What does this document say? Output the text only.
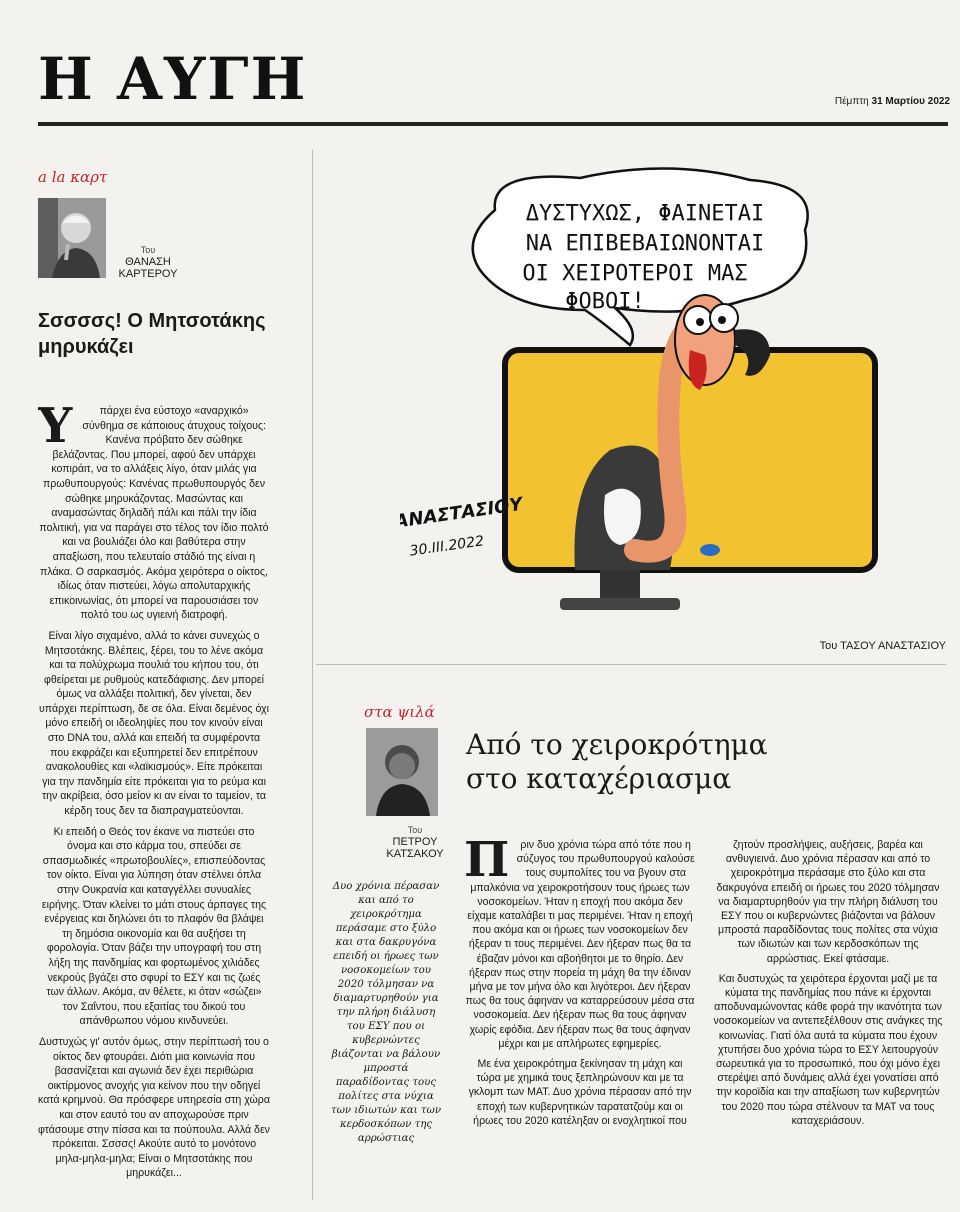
Η ΑΥΓΗ	Πέμπτη 31 Μαρτίου 2022
a la καρτ
Του
ΘΑΝΑΣΗ
ΚΑΡΤΕΡΟΥ
Σσσσσς! Ο Μητσοτάκης μηρυκάζει

Υ	πάρχει ένα εύστοχο «αναρχικό» σύνθημα σε κάποιους άτυχους τοίχους: Κανένα πρόβατο δεν σώθηκε βελάζοντας. Που μπορεί, αφού δεν υπάρχει κοπιράιτ, να το αλλάξεις λίγο, όταν μιλάς για πρωθυπουργούς: Κανένας πρωθυπουργός δεν σώθηκε μηρυκάζοντας. Μασώντας και αναμασώντας δηλαδή πάλι και πάλι την ίδια πολιτική, για να παράγει στο τέλος τον ίδιο πολτό και να βουλιάζει όλο και βαθύτερα στην απαξίωση, που τελευταίο στάδιό της είναι η πλάκα. Ο σαρκασμός. Ακόμα χειρότερα ο οίκτος, ιδίως όταν πιστεύει, λόγω απολυταρχικής επικοινωνίας, ότι μπορεί να παρουσιάσει τον πολτό του ως υγιεινή διατροφή.

Είναι λίγο σιχαμένο, αλλά το κάνει συνεχώς ο Μητσοτάκης. Βλέπεις, ξέρει, του το λένε ακόμα και τα πολύχρωμα πουλιά του κήπου του, ότι φθείρεται με ρυθμούς κατεδάφισης. Δεν μπορεί όμως να αλλάξει πολιτική, δεν γίνεται, δεν υπάρχει περίπτωση, δε σε όλα. Είναι δεμένος όχι μόνο επειδή οι ιδεοληψίες που τον κινούν είναι στο DNA του, αλλά και επειδή τα συμφέροντα που εκφράζει και εξυπηρετεί δεν επιτρέπουν ανακολουθίες και «λαϊκισμούς». Είτε πρόκειται για την πανδημία είτε πρόκειται για το ρεύμα και την ακρίβεια, όσο μείον κι αν είναι το ταμείον, τα κέρδη τους δεν τα διαπραγματεύονται.

Κι επειδή ο Θεός τον έκανε να πιστεύει στο όνομα και στο κάρμα του, σπεύδει σε σπασμωδικές «πρωτοβουλίες», επισπεύδοντας τον οίκτο. Είναι για λύπηση όταν στέλνει όπλα στην Ουκρανία και καταγγέλλει συνυαλίες ειρήνης. Όταν κλείνει το μάτι στους άρπαγες της ενέργειας και δηλώνει ότι το πλαφόν θα βλάψει τη δημόσια οικονομία και θα αυξήσει τη φορολογία. Όταν βάζει την υπογραφή του στη λήξη της πανδημίας και φορτωμένος χιλιάδες νεκρούς βγάζει στο σφυρί το ΕΣΥ και τις ζωές των άλλων. Ακόμα, αν θέλετε, κι όταν «σώζει» τον Σαΐντου, που εξαιτίας του δικού του απάνθρωπου νόμου κινδυνεύει.

Δυστυχώς γι' αυτόν όμως, στην περίπτωσή του ο οίκτος δεν φτουράει. Διότι μια κοινωνία που βασανίζεται και αγωνιά δεν έχει περιθώρια οικτίρμονος ανοχής για κείνον που την οδηγεί κατά κρημνού. Θα πρόσφερε υπηρεσία στη χώρα και στον εαυτό του αν αποχωρούσε πριν φτάσουμε στην πίσσα και τα πούπουλα. Αλλά δεν πρόκειται. Σσσσς! Ακούτε αυτό το μονότονο μηλα-μηλα-μηλα; Είναι ο Μητσοτάκης που μηρυκάζει...

ΔΥΣΤΥΧΩΣ, ΦΑΙΝΕΤΑΙ
ΝΑ ΕΠΙΒΕΒΑΙΩΝΟΝΤΑΙ
ΟΙ ΧΕΙΡΟΤΕΡΟΙ ΜΑΣ
ΦΟΒΟΙ!
ΑΝΑΣΤΑΣΙΟΥ
30.III.2022
Του ΤΑΣΟΥ ΑΝΑΣΤΑΣΙΟΥ
στα ψιλά
Του
ΠΕΤΡΟΥ
ΚΑΤΣΑΚΟΥ
Από το χειροκρότημα
στο καταχέριασμα
Δυο χρόνια πέρασαν και από το χειροκρότημα περάσαμε στο ξύλο και στα δακρυγόνα επειδή οι ήρωες των νοσοκομείων του 2020 τόλμησαν να διαμαρτυρηθούν για την πλήρη διάλυση του ΕΣΥ που οι κυβερνώντες βιάζονται να βάλουν μπροστά παραδίδοντας τους πολίτες στα νύχια των ιδιωτών και των κερδοσκόπων της αρρώστιας

Π ριν δυο χρόνια τώρα από τότε που η σύζυγος του πρωθυπουργού καλούσε τους συμπολίτες του να βγουν στα μπαλκόνια να χειροκροτήσουν τους ήρωες των νοσοκομείων. Ήταν η εποχή που ακόμα δεν είχαμε καταλάβει τι μας περιμένει. Ήταν η εποχή που ακόμα και οι ήρωες των νοσοκομείων δεν ήξεραν τι τους περιμένει. Δεν ήξεραν πως θα τα έβαζαν μόνοι και αβοήθητοι με το θηρίο. Δεν ήξεραν πως στην πορεία τη μάχη θα την έδιναν μήνα με τον μήνα όλο και λιγότεροι. Δεν ήξεραν πως θα τους άφηναν να καταρρεύσουν μέσα στα νοσοκομεία. Δεν ήξεραν πως θα τους άφηναν χωρίς εφόδια. Δεν ήξεραν πως θα τους άφηναν μέχρι και με απλήρωτες εφημερίες.

Με ένα χειροκρότημα ξεκίνησαν τη μάχη και τώρα με χημικά τους ξεπληρώνουν και με τα γκλομπ των ΜΑΤ. Δυο χρόνια πέρασαν από την εποχή των κυβερνητικών ταρατατζούμ και οι ήρωες του 2020 κατέληξαν οι ενοχλητικοί που

ζητούν προσλήψεις, αυξήσεις, βαρέα και ανθυγιεινά. Δυο χρόνια πέρασαν και από το χειροκρότημα περάσαμε στο ξύλο και στα δακρυγόνα επειδή οι ήρωες του 2020 τόλμησαν να διαμαρτυρηθούν για την πλήρη διάλυση του ΕΣΥ που οι κυβερνώντες βιάζονται να βάλουν μπροστά παραδίδοντας τους πολίτες στα νύχια των ιδιωτών και των κερδοσκόπων της αρρώστιας. Εκεί φτάσαμε.

Και δυστυχώς τα χειρότερα έρχονται μαζί με τα κύματα της πανδημίας που πάνε κι έρχονται αποδυναμώνοντας κάθε φορά την ικανότητα των νοσοκομείων να αντεπεξέλθουν στις ανάγκες της κοινωνίας. Γιατί όλα αυτά τα κύματα που έχουν χτυπήσει δυο χρόνια τώρα το ΕΣΥ λειτουργούν σωρευτικά για το προσωπικό, που όχι μόνο έχει στερέψει από δυνάμεις αλλά έχει γονατίσει από την κοροϊδία και την απαξίωση των κυβερνητών του 2020 που τώρα στέλνουν τα ΜΑΤ να τους καταχεριάσουν.
